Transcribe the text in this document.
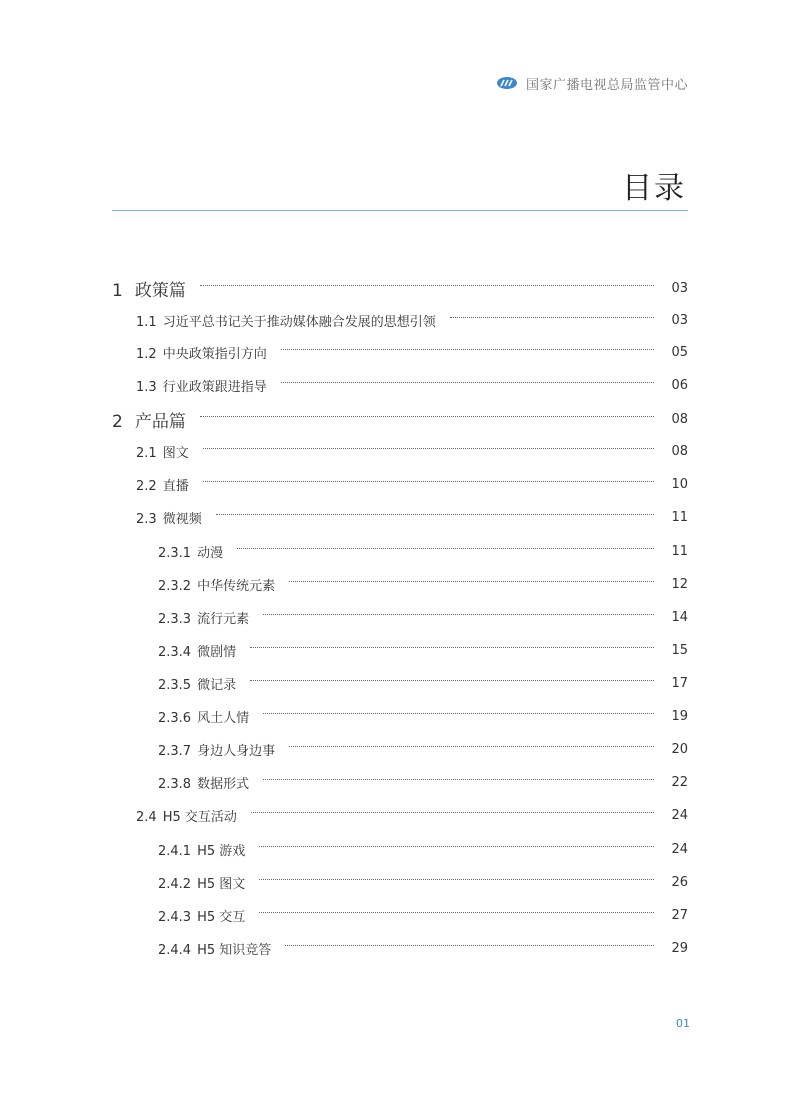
国家广播电视总局监管中心
目录
1 政策篇	03
1.1 习近平总书记关于推动媒体融合发展的思想引领	03
1.2 中央政策指引方向	05
1.3 行业政策跟进指导	06
2 产品篇	08
2.1 图文	08
2.2 直播	10
2.3 微视频	11
2.3.1 动漫	11
2.3.2 中华传统元素	12
2.3.3 流行元素	14
2.3.4 微剧情	15
2.3.5 微记录	17
2.3.6 风土人情	19
2.3.7 身边人身边事	20
2.3.8 数据形式	22
2.4 H5 交互活动	24
2.4.1 H5 游戏	24
2.4.2 H5 图文	26
2.4.3 H5 交互	27
2.4.4 H5 知识竞答	29
01
